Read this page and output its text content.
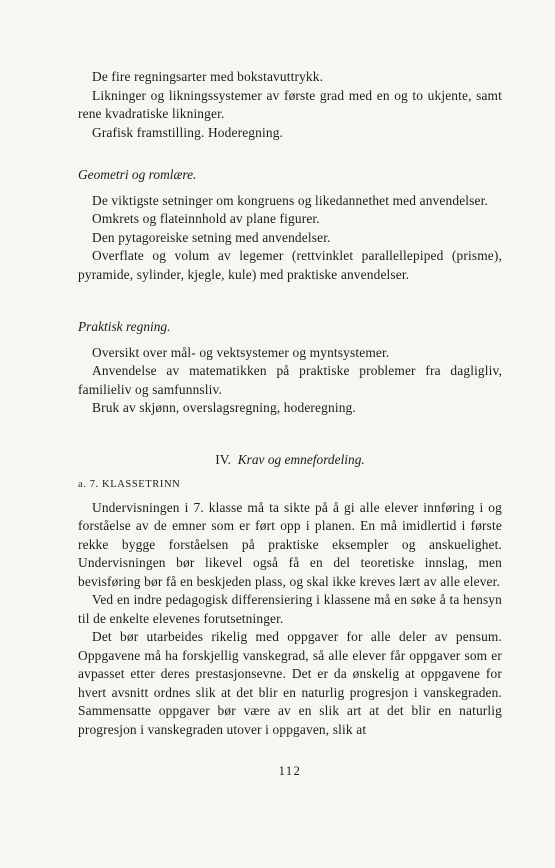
De fire regningsarter med bokstavuttrykk.

Likninger og likningssystemer av første grad med en og to ukjente, samt rene kvadratiske likninger.

Grafisk framstilling. Hoderegning.

Geometri og romlære.

De viktigste setninger om kongruens og likedannethet med anvendelser.

Omkrets og flateinnhold av plane figurer.

Den pytagoreiske setning med anvendelser.

Overflate og volum av legemer (rettvinklet parallellepiped (prisme), pyramide, sylinder, kjegle, kule) med praktiske anvendelser.

Praktisk regning.

Oversikt over mål- og vektsystemer og myntsystemer.

Anvendelse av matematikken på praktiske problemer fra dagligliv, familieliv og samfunnsliv.

Bruk av skjønn, overslagsregning, hoderegning.

IV. Krav og emnefordeling.

a. 7. KLASSETRINN

Undervisningen i 7. klasse må ta sikte på å gi alle elever innføring i og forståelse av de emner som er ført opp i planen. En må imidlertid i første rekke bygge forståelsen på praktiske eksempler og anskuelighet. Undervisningen bør likevel også få en del teoretiske innslag, men bevisføring bør få en beskjeden plass, og skal ikke kreves lært av alle elever.

Ved en indre pedagogisk differensiering i klassene må en søke å ta hensyn til de enkelte elevenes forutsetninger.

Det bør utarbeides rikelig med oppgaver for alle deler av pensum. Oppgavene må ha forskjellig vanskegrad, så alle elever får oppgaver som er avpasset etter deres prestasjonsevne. Det er da ønskelig at oppgavene for hvert avsnitt ordnes slik at det blir en naturlig progresjon i vanskegraden. Sammensatte oppgaver bør være av en slik art at det blir en naturlig progresjon i vanskegraden utover i oppgaven, slik at

112
